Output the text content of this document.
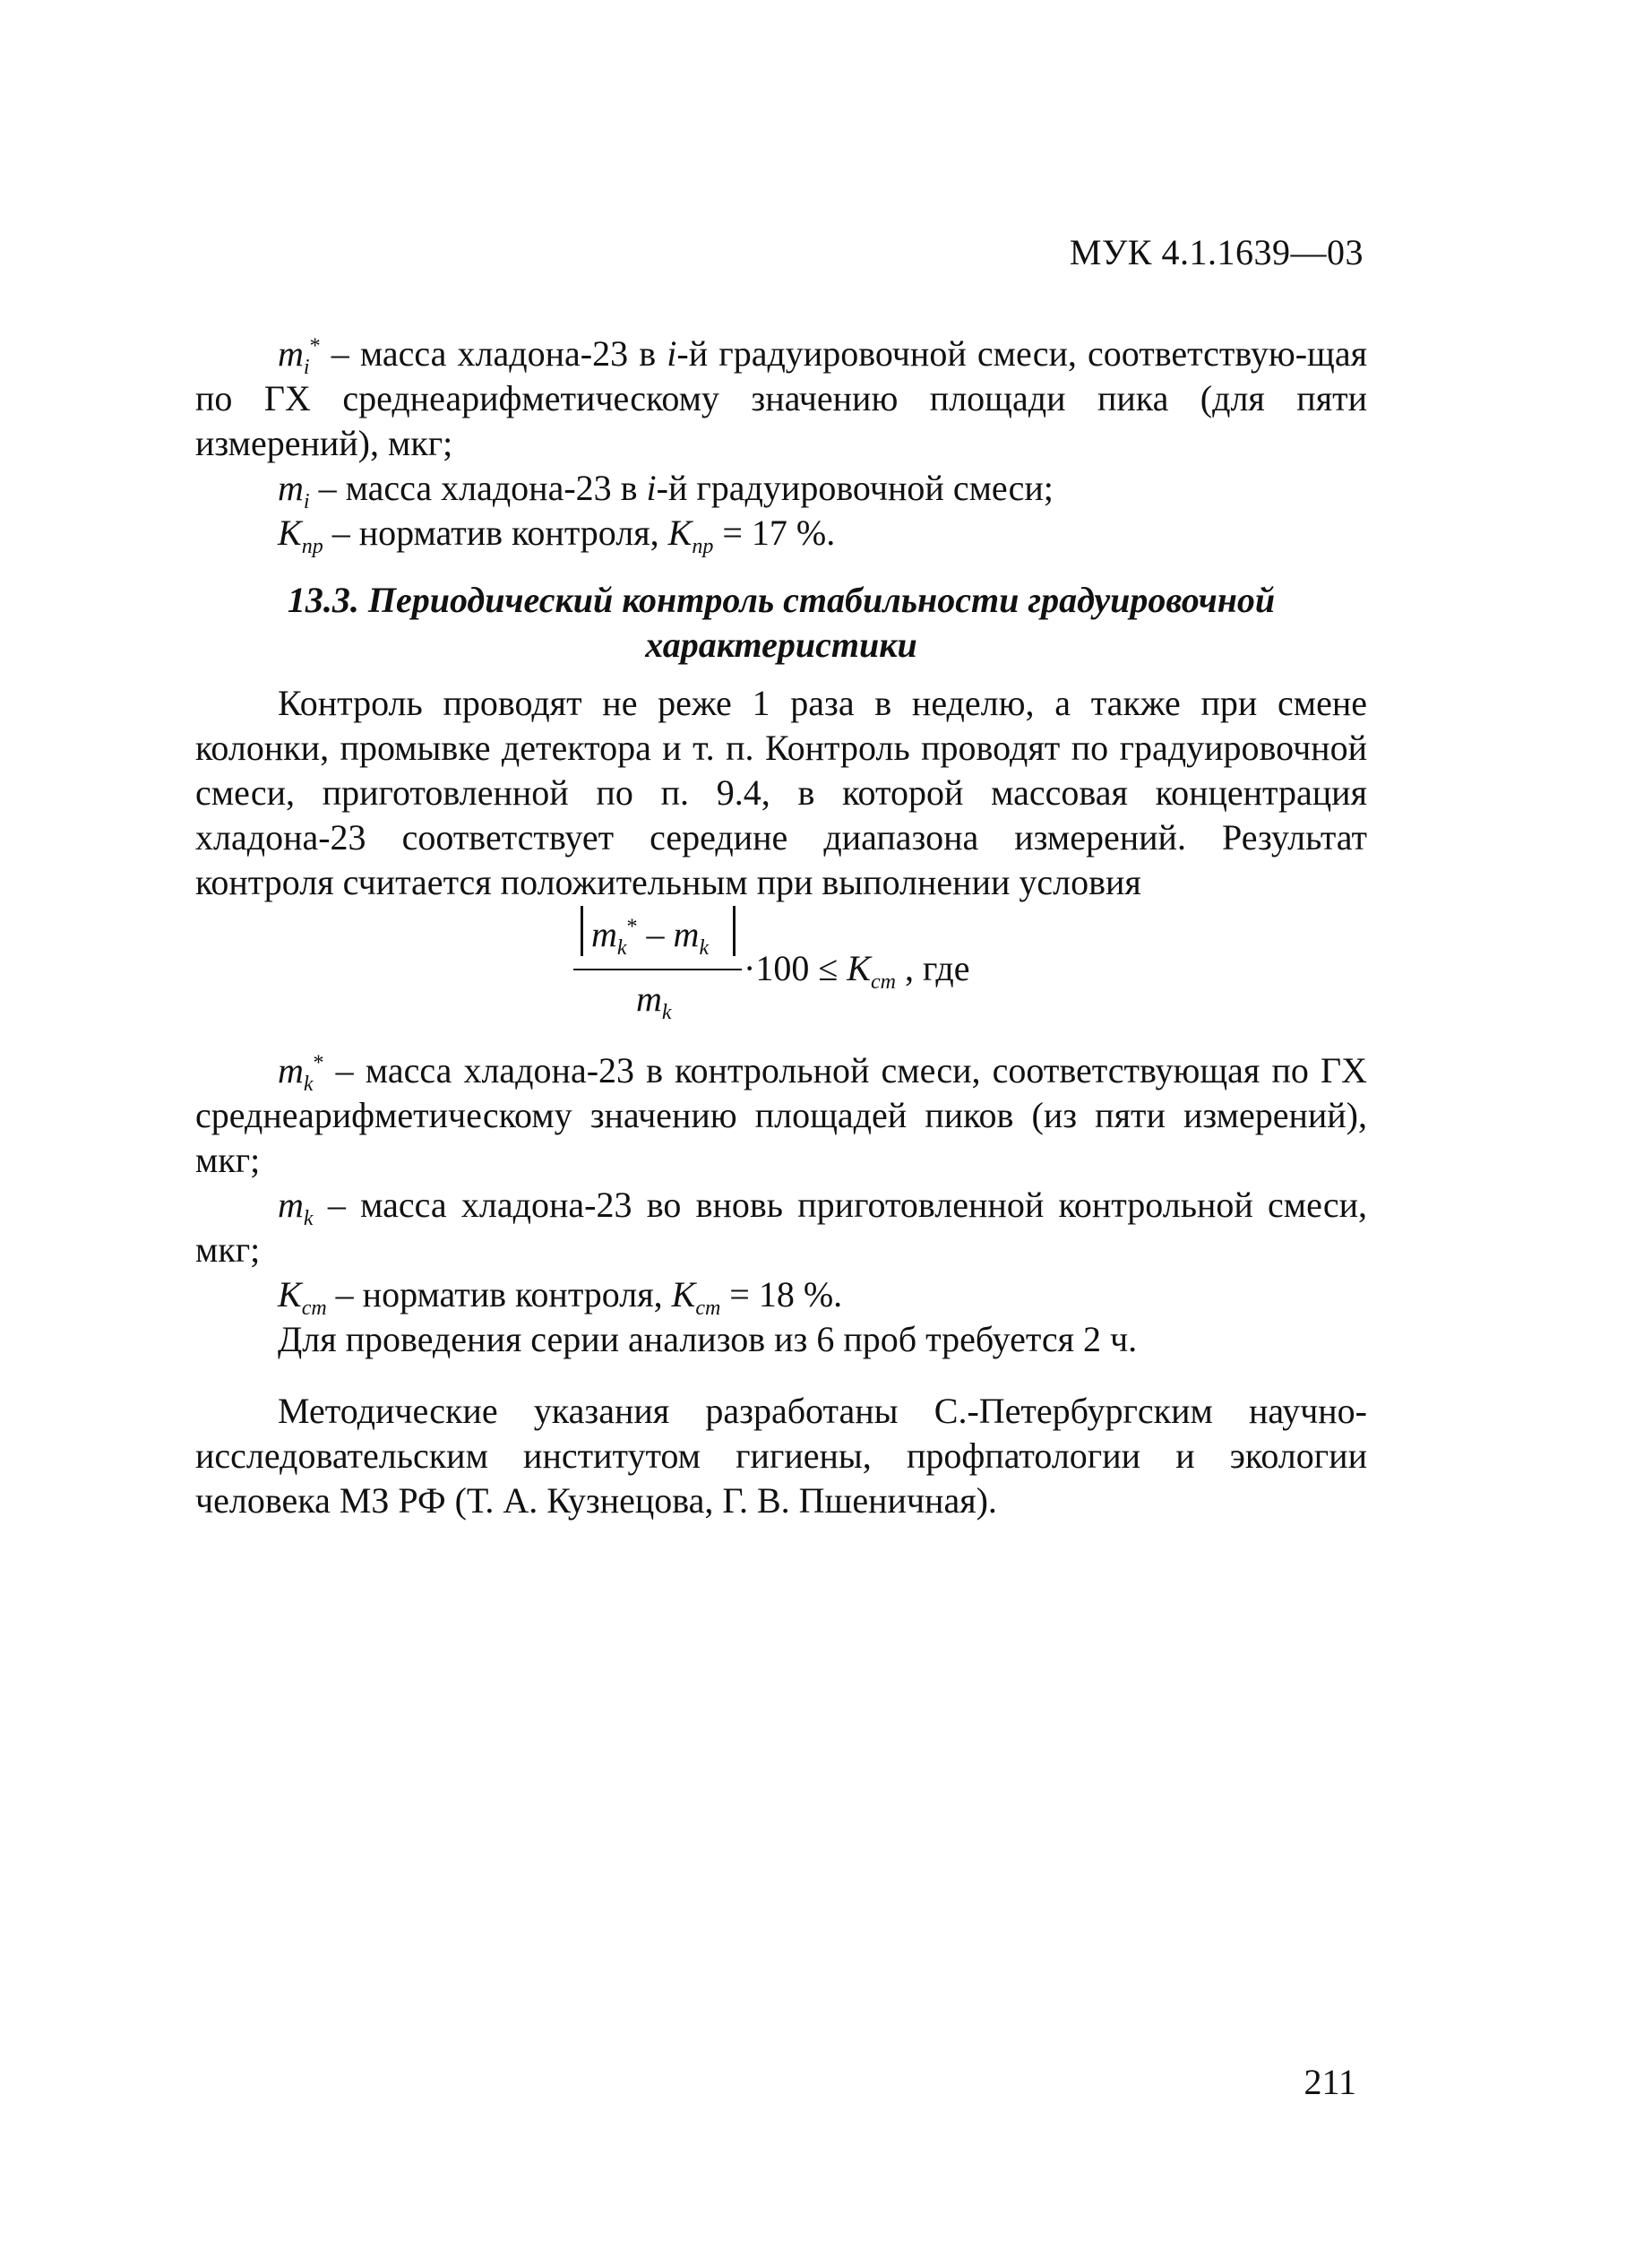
МУК 4.1.1639—03

$m_i^*$ – масса хладона-23 в i-й градуировочной смеси, соответствую-щая по ГХ среднеарифметическому значению площади пика (для пяти измерений), мкг;

$m_i$ – масса хладона-23 в i-й градуировочной смеси;

$K_{пр}$ – норматив контроля, $K_{пр} = 17$ %.

13.3. Периодический контроль стабильности градуировочной характеристики

Контроль проводят не реже 1 раза в неделю, а также при смене колонки, промывке детектора и т. п. Контроль проводят по градуировочной смеси, приготовленной по п. 9.4, в которой массовая концентрация хладона-23 соответствует середине диапазона измерений. Результат контроля считается положительным при выполнении условия

$m_k^* - m_k$
$m_k$
$\cdot 100 \le K_{ст}$ , где

$m_k^*$ – масса хладона-23 в контрольной смеси, соответствующая по ГХ среднеарифметическому значению площадей пиков (из пяти измерений), мкг;

$m_k$ – масса хладона-23 во вновь приготовленной контрольной смеси, мкг;

$K_{ст}$ – норматив контроля, $K_{ст} = 18$ %.

Для проведения серии анализов из 6 проб требуется 2 ч.

Методические указания разработаны С.-Петербургским научно-исследовательским институтом гигиены, профпатологии и экологии человека МЗ РФ (Т. А. Кузнецова, Г. В. Пшеничная).

211
